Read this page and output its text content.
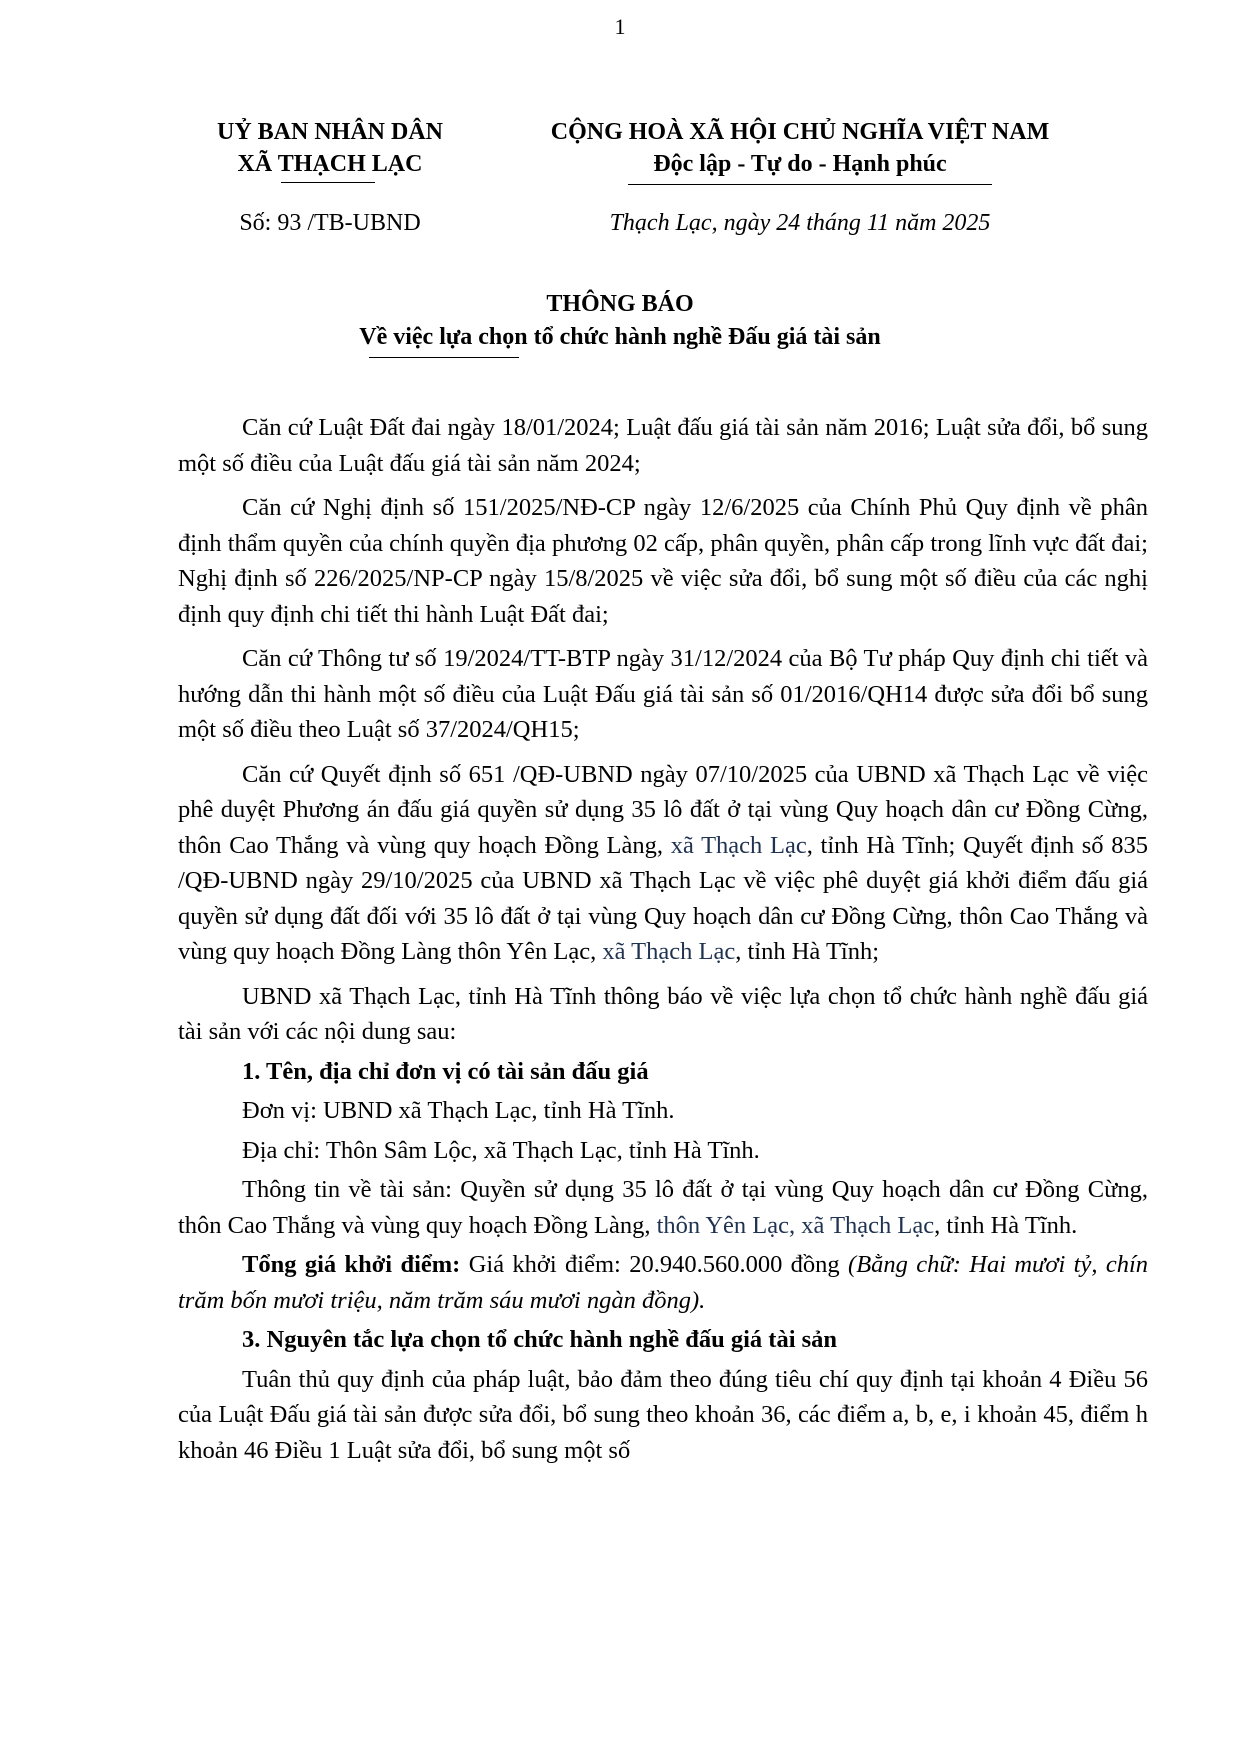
1
UỶ BAN NHÂN DÂN
XÃ THẠCH LẠC
CỘNG HOÀ XÃ HỘI CHỦ NGHĨA VIỆT NAM
Độc lập - Tự do - Hạnh phúc
Số: 93 /TB-UBND	Thạch Lạc, ngày 24 tháng 11 năm 2025
THÔNG BÁO
Về việc lựa chọn tổ chức hành nghề Đấu giá tài sản

Căn cứ Luật Đất đai ngày 18/01/2024; Luật đấu giá tài sản năm 2016; Luật sửa đổi, bổ sung một số điều của Luật đấu giá tài sản năm 2024;

Căn cứ Nghị định số 151/2025/NĐ-CP ngày 12/6/2025 của Chính Phủ Quy định về phân định thẩm quyền của chính quyền địa phương 02 cấp, phân quyền, phân cấp trong lĩnh vực đất đai; Nghị định số 226/2025/NP-CP ngày 15/8/2025 về việc sửa đổi, bổ sung một số điều của các nghị định quy định chi tiết thi hành Luật Đất đai;

Căn cứ Thông tư số 19/2024/TT-BTP ngày 31/12/2024 của Bộ Tư pháp Quy định chi tiết và hướng dẫn thi hành một số điều của Luật Đấu giá tài sản số 01/2016/QH14 được sửa đổi bổ sung một số điều theo Luật số 37/2024/QH15;

Căn cứ Quyết định số 651 /QĐ-UBND ngày 07/10/2025 của UBND xã Thạch Lạc về việc phê duyệt Phương án đấu giá quyền sử dụng 35 lô đất ở tại vùng Quy hoạch dân cư Đồng Cừng, thôn Cao Thắng và vùng quy hoạch Đồng Làng, xã Thạch Lạc, tỉnh Hà Tĩnh; Quyết định số 835 /QĐ-UBND ngày 29/10/2025 của UBND xã Thạch Lạc về việc phê duyệt giá khởi điểm đấu giá quyền sử dụng đất đối với 35 lô đất ở tại vùng Quy hoạch dân cư Đồng Cừng, thôn Cao Thắng và vùng quy hoạch Đồng Làng thôn Yên Lạc, xã Thạch Lạc, tỉnh Hà Tĩnh;

UBND xã Thạch Lạc, tỉnh Hà Tĩnh thông báo về việc lựa chọn tổ chức hành nghề đấu giá tài sản với các nội dung sau:

1. Tên, địa chỉ đơn vị có tài sản đấu giá

Đơn vị: UBND xã Thạch Lạc, tỉnh Hà Tĩnh.

Địa chỉ: Thôn Sâm Lộc, xã Thạch Lạc, tỉnh Hà Tĩnh.

Thông tin về tài sản: Quyền sử dụng 35 lô đất ở tại vùng Quy hoạch dân cư Đồng Cừng, thôn Cao Thắng và vùng quy hoạch Đồng Làng, thôn Yên Lạc, xã Thạch Lạc, tỉnh Hà Tĩnh.

Tổng giá khởi điểm: Giá khởi điểm: 20.940.560.000 đồng (Bằng chữ: Hai mươi tỷ, chín trăm bốn mươi triệu, năm trăm sáu mươi ngàn đồng).

3. Nguyên tắc lựa chọn tổ chức hành nghề đấu giá tài sản

Tuân thủ quy định của pháp luật, bảo đảm theo đúng tiêu chí quy định tại khoản 4 Điều 56 của Luật Đấu giá tài sản được sửa đổi, bổ sung theo khoản 36, các điểm a, b, e, i khoản 45, điểm h khoản 46 Điều 1 Luật sửa đổi, bổ sung một số
